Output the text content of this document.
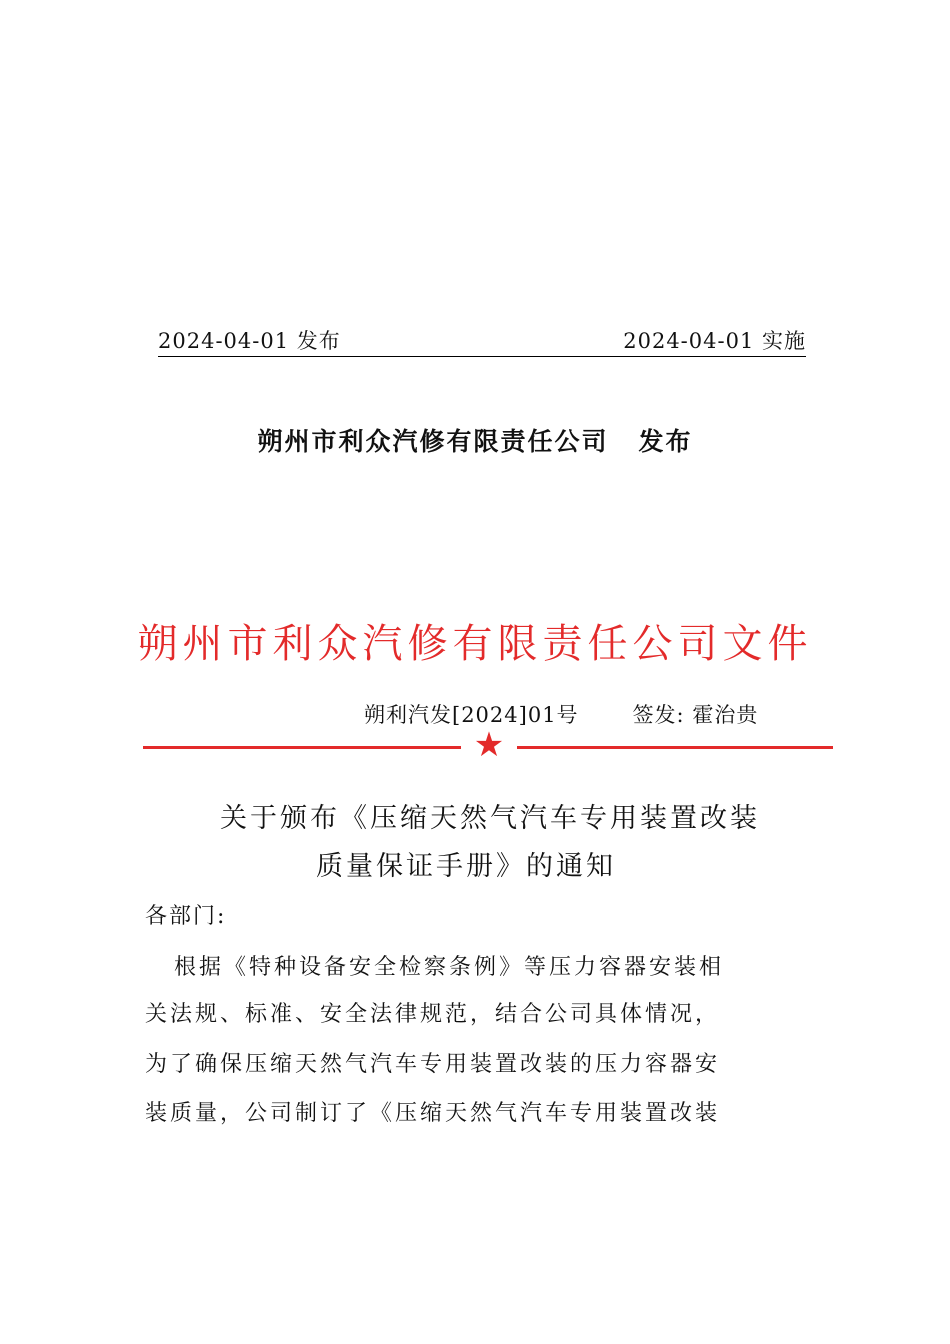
2024-04-01 发布	2024-04-01 实施
朔州市利众汽修有限责任公司 发布
朔州市利众汽修有限责任公司文件
朔利汽发[2024]01号	签发: 霍治贵
★
关于颁布《压缩天然气汽车专用装置改装
质量保证手册》的通知
各部门:
根据《特种设备安全检察条例》等压力容器安装相
关法规、标准、安全法律规范，结合公司具体情况，
为了确保压缩天然气汽车专用装置改装的压力容器安
装质量，公司制订了《压缩天然气汽车专用装置改装
